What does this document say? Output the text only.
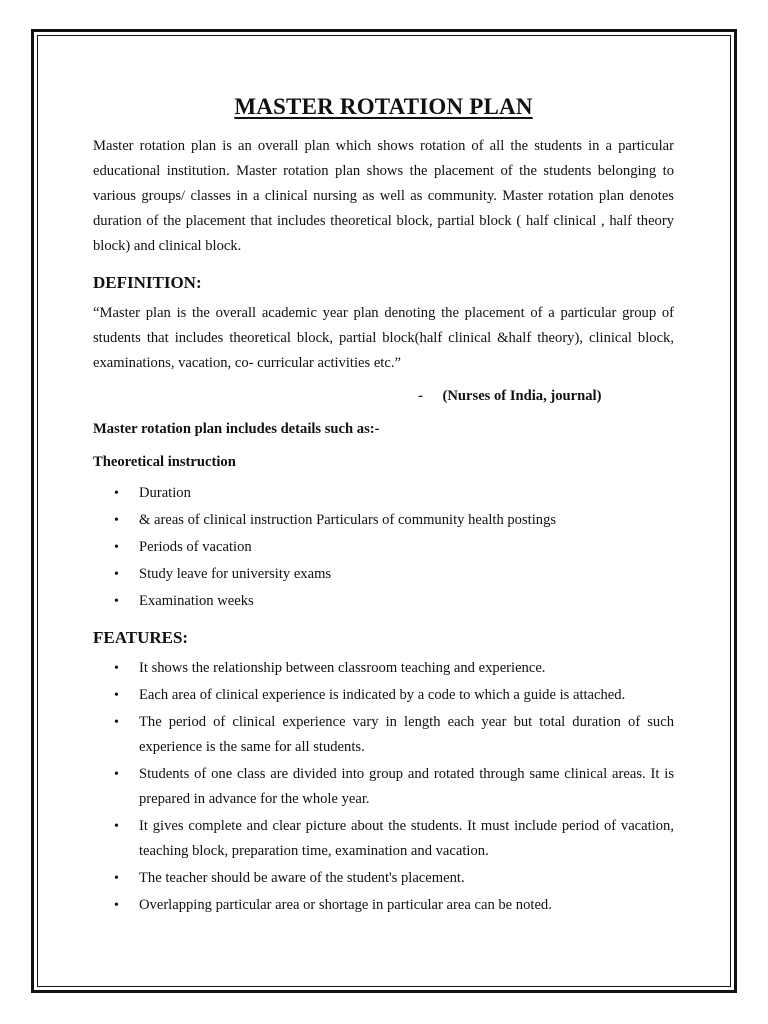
MASTER ROTATION PLAN

Master rotation plan is an overall plan which shows rotation of all the students in a particular educational institution. Master rotation plan shows the placement of the students belonging to various groups/ classes in a clinical nursing as well as community. Master rotation plan denotes duration of the placement that includes theoretical block, partial block ( half clinical , half theory block) and clinical block.

DEFINITION:

“Master plan is the overall academic year plan denoting the placement of a particular group of students that includes theoretical block, partial block(half clinical &half theory), clinical block, examinations, vacation, co- curricular activities etc.”

- (Nurses of India, journal)
Master rotation plan includes details such as:-
Theoretical instruction
• Duration
• & areas of clinical instruction Particulars of community health postings
• Periods of vacation
• Study leave for university exams
• Examination weeks
FEATURES:
• It shows the relationship between classroom teaching and experience.
• Each area of clinical experience is indicated by a code to which a guide is attached.
• The period of clinical experience vary in length each year but total duration of such experience is the same for all students.
• Students of one class are divided into group and rotated through same clinical areas. It is prepared in advance for the whole year.
• It gives complete and clear picture about the students. It must include period of vacation, teaching block, preparation time, examination and vacation.
• The teacher should be aware of the student's placement.
• Overlapping particular area or shortage in particular area can be noted.
